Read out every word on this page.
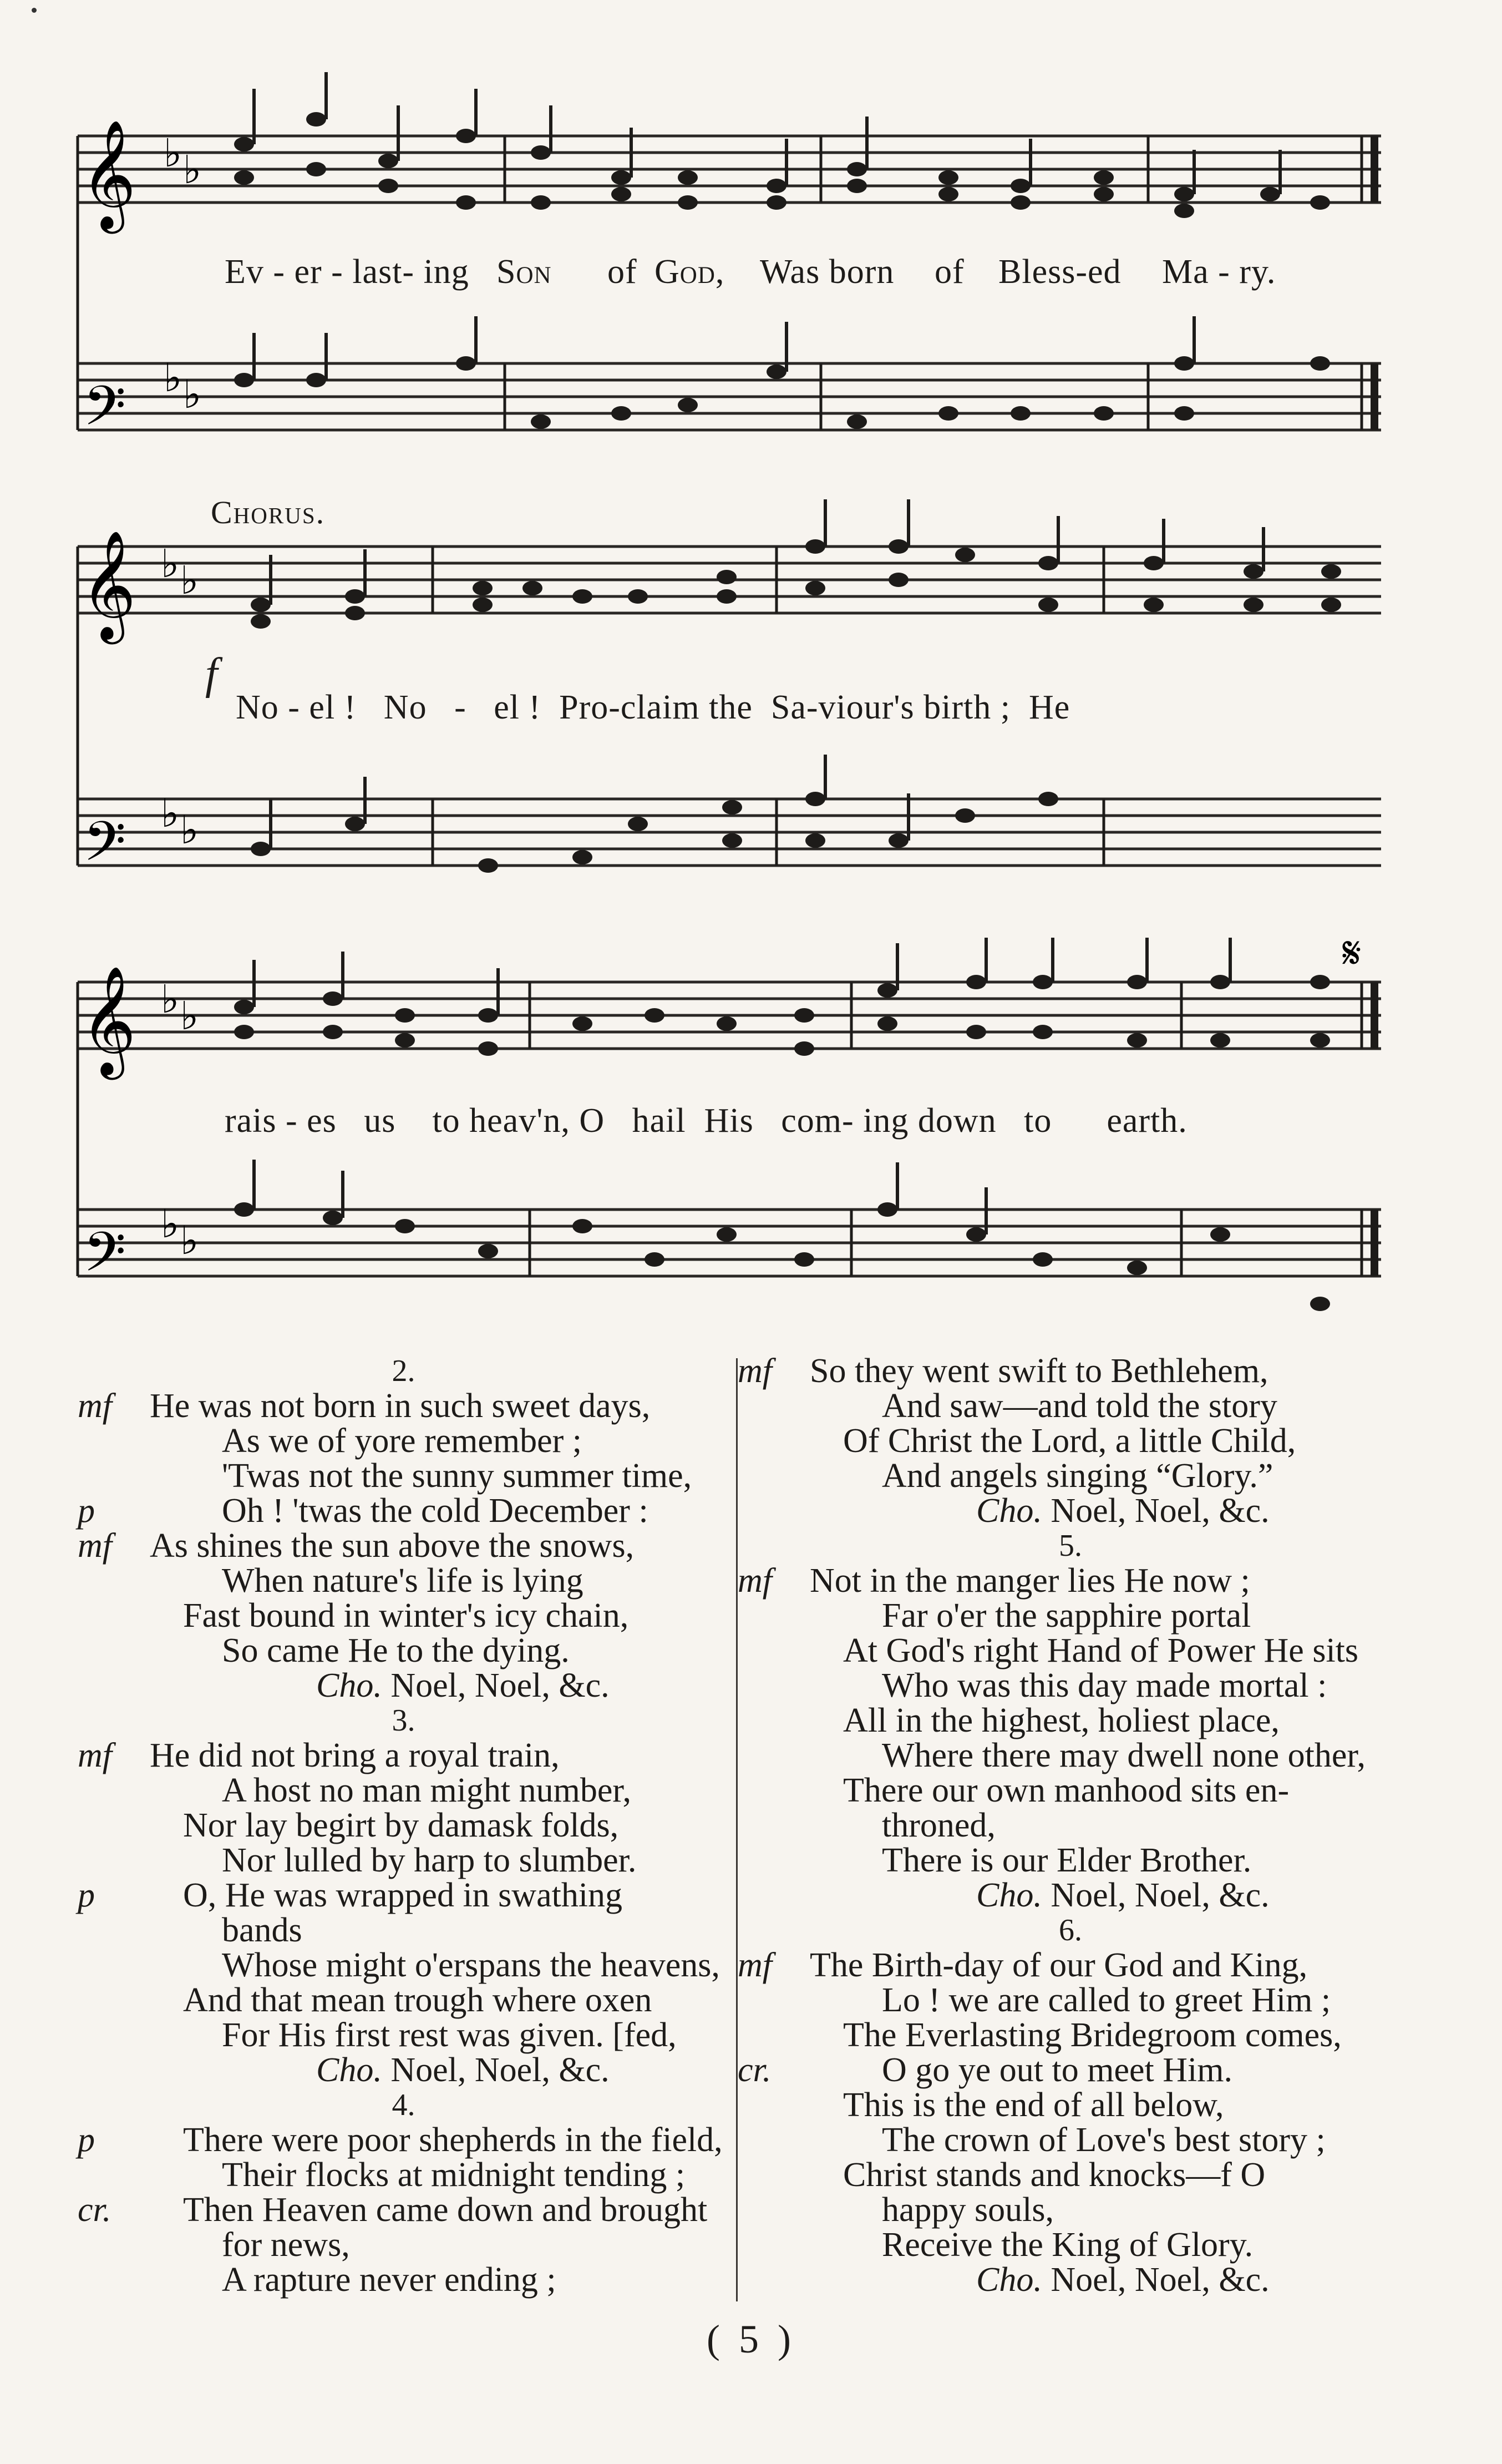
𝄞
𝄢
♭ ♭
♭ ♭
𝄞
𝄢
♭ ♭
♭ ♭
𝄞
𝄢
♭ ♭
♭ ♭
𝄋
Ev - er - last- ing Son of God, Was born of Bless-ed Ma - ry.
Chorus.
f
No - el !   No   -   el !  Pro-claim the  Sa-viour's birth ;  He
rais - es   us    to heav'n, O   hail  His   com- ing down   to      earth.
2.
mf He was not born in such sweet days,
As we of yore remember ;
'Twas not the sunny summer time,
p	Oh ! 'twas the cold December :
mf As shines the sun above the snows,
When nature's life is lying
Fast bound in winter's icy chain,
So came He to the dying.
Cho. Noel, Noel, &c.
3.
mf He did not bring a royal train,
A host no man might number,
Nor lay begirt by damask folds,
Nor lulled by harp to slumber.
p	O, He was wrapped in swathing
bands
Whose might o'erspans the heavens,
And that mean trough where oxen
For His first rest was given. [fed,
Cho. Noel, Noel, &c.
4.
p	There were poor shepherds in the field,
Their flocks at midnight tending ;
cr. Then Heaven came down and brought
for news,
A rapture never ending ;
mf So they went swift to Bethlehem,
And saw—and told the story
Of Christ the Lord, a little Child,
And angels singing “Glory.”
Cho. Noel, Noel, &c.
5.
mf Not in the manger lies He now ;
Far o'er the sapphire portal
At God's right Hand of Power He sits
Who was this day made mortal :
All in the highest, holiest place,
Where there may dwell none other,
There our own manhood sits en-
throned,
There is our Elder Brother.
Cho. Noel, Noel, &c.
6.
mf The Birth-day of our God and King,
Lo ! we are called to greet Him ;
The Everlasting Bridegroom comes,
cr.	O go ye out to meet Him.
This is the end of all below,
The crown of Love's best story ;
Christ stands and knocks—f O
happy souls,
Receive the King of Glory.
Cho. Noel, Noel, &c.
( 5 )
